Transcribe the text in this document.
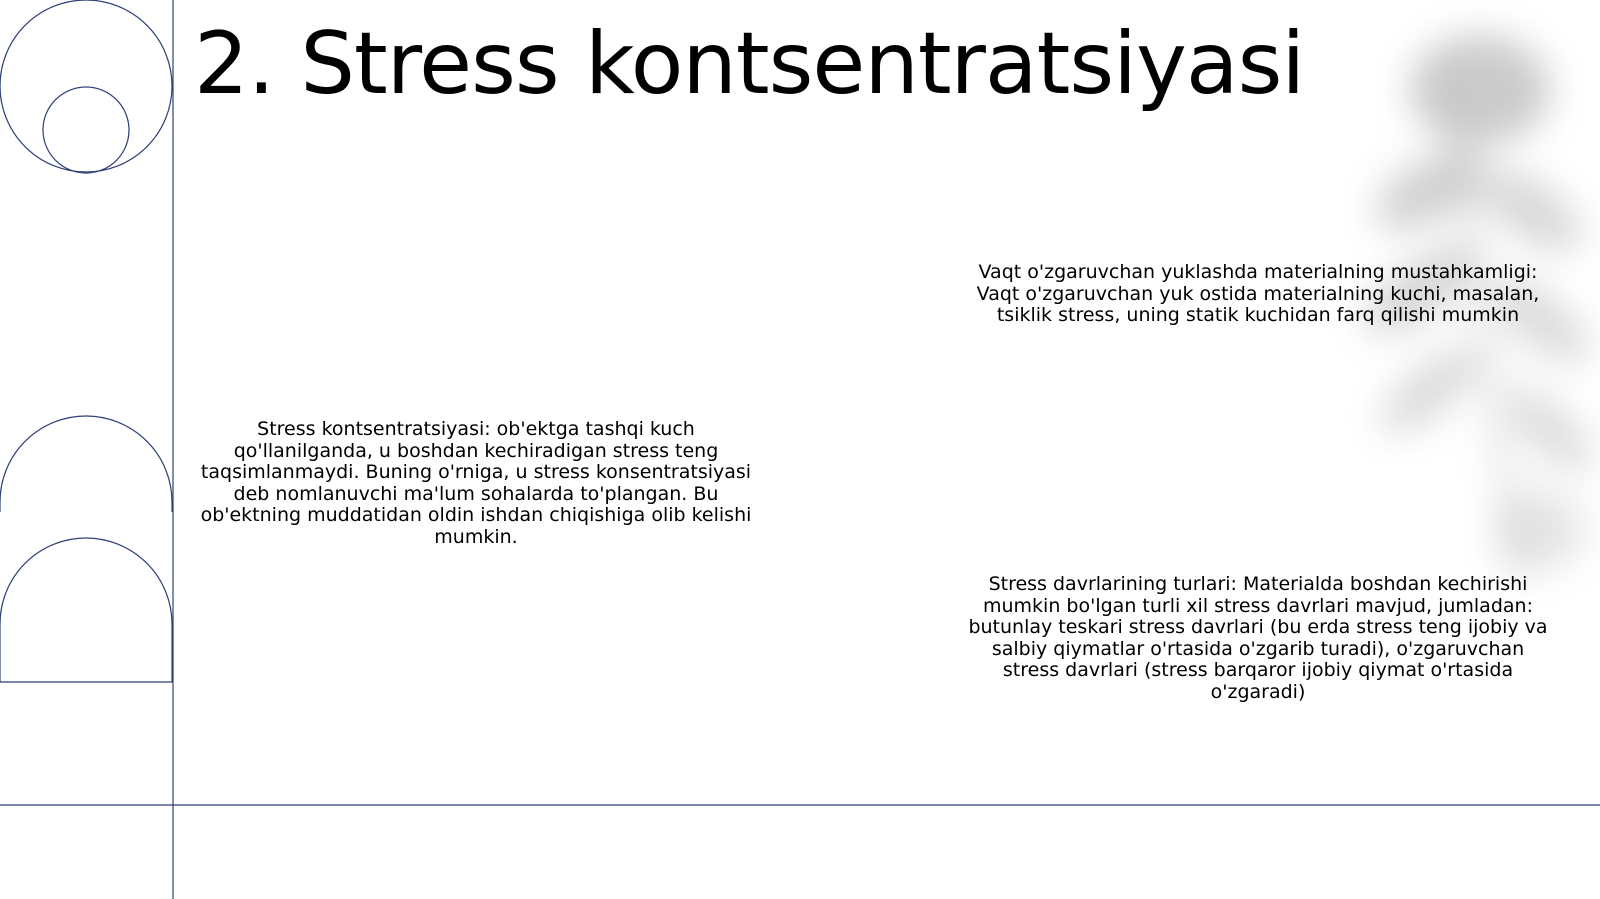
2. Stress kontsentratsiyasi

Stress kontsentratsiyasi: ob'ektga tashqi kuch qo'llanilganda, u boshdan kechiradigan stress teng taqsimlanmaydi. Buning o'rniga, u stress konsentratsiyasi deb nomlanuvchi ma'lum sohalarda to'plangan. Bu ob'ektning muddatidan oldin ishdan chiqishiga olib kelishi mumkin.

Vaqt o'zgaruvchan yuklashda materialning mustahkamligi: Vaqt o'zgaruvchan yuk ostida materialning kuchi, masalan, tsiklik stress, uning statik kuchidan farq qilishi mumkin

Stress davrlarining turlari: Materialda boshdan kechirishi mumkin bo'lgan turli xil stress davrlari mavjud, jumladan: butunlay teskari stress davrlari (bu erda stress teng ijobiy va salbiy qiymatlar o'rtasida o'zgarib turadi), o'zgaruvchan stress davrlari (stress barqaror ijobiy qiymat o'rtasida o'zgaradi)
